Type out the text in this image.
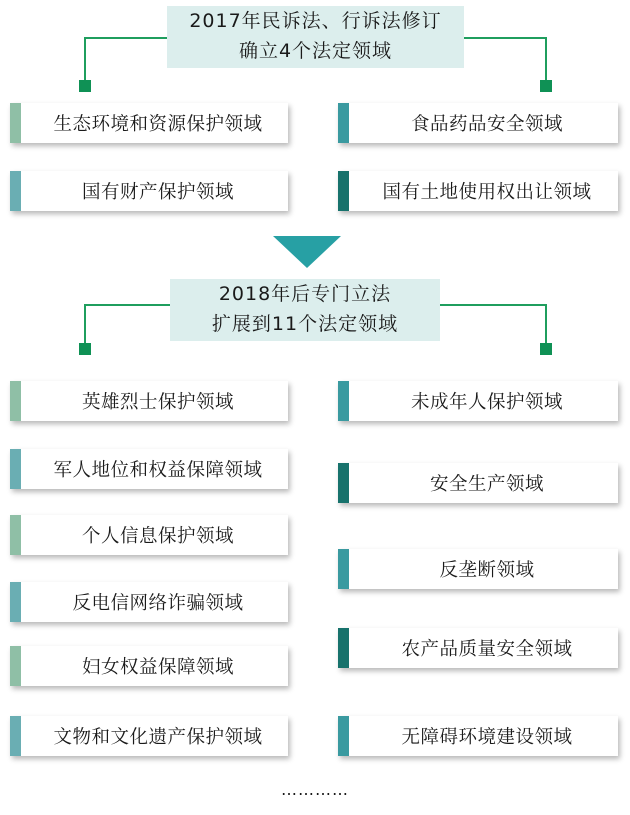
2017年民诉法、行诉法修订
确立4个法定领域
生态环境和资源保护领域
国有财产保护领域
食品药品安全领域
国有土地使用权出让领域
2018年后专门立法
扩展到11个法定领域
英雄烈士保护领域
军人地位和权益保障领域
个人信息保护领域
反电信网络诈骗领域
妇女权益保障领域
文物和文化遗产保护领域
未成年人保护领域
安全生产领域
反垄断领域
农产品质量安全领域
无障碍环境建设领域
…………
